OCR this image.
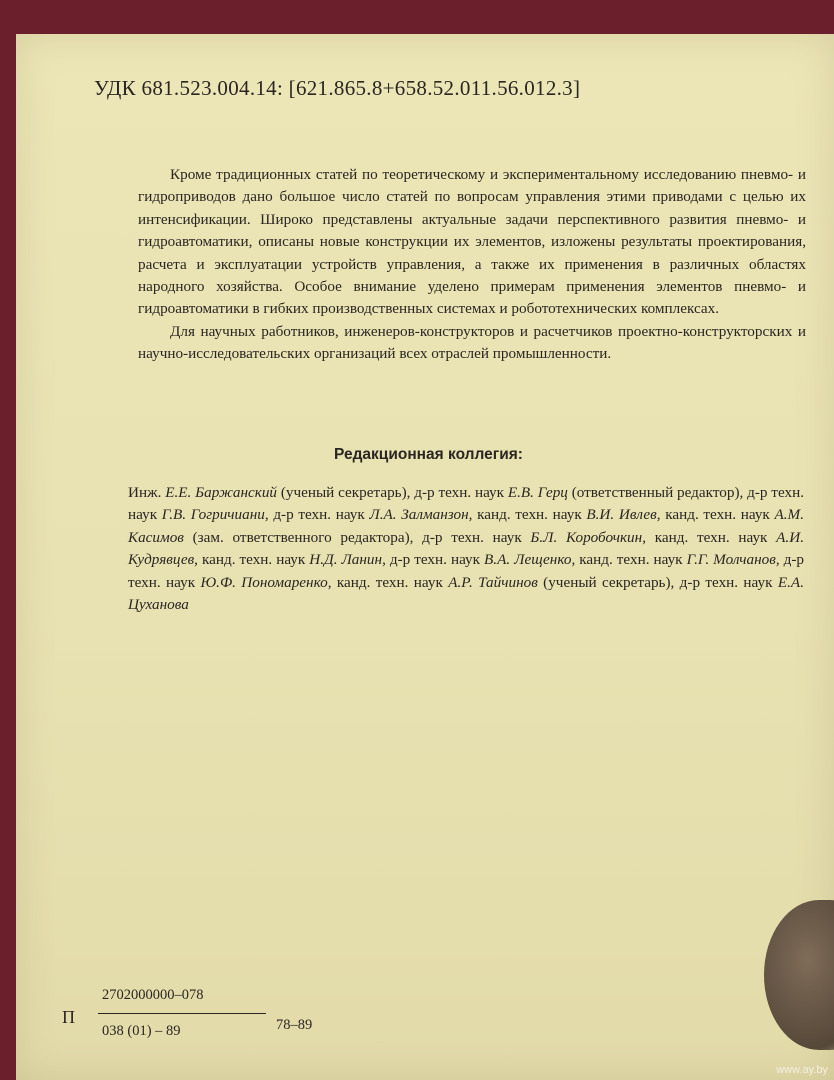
УДК 681.523.004.14: [621.865.8+658.52.011.56.012.3]

Кроме традиционных статей по теоретическому и экспериментальному исследованию пневмо- и гидроприводов дано большое число статей по вопросам управления этими приводами с целью их интенсификации. Широко представлены актуальные задачи перспективного развития пневмо- и гидроавтоматики, описаны новые конструкции их элементов, изложены результаты проектирования, расчета и эксплуатации устройств управления, а также их применения в различных областях народного хозяйства. Особое внимание уделено примерам применения элементов пневмо- и гидроавтоматики в гибких производственных системах и робототехнических комплексах.

Для научных работников, инженеров-конструкторов и расчетчиков проектно-конструкторских и научно-исследовательских организаций всех отраслей промышленности.

Редакционная коллегия:
Инж. Е.Е. Баржанский (ученый секретарь), д-р техн. наук Е.В. Герц (ответственный редактор), д-р техн. наук Г.В. Гогричиани, д-р техн. наук Л.А. Залманзон, канд. техн. наук В.И. Ивлев, канд. техн. наук А.М. Касимов (зам. ответственного редактора), д-р техн. наук Б.Л. Коробочкин, канд. техн. наук А.И. Кудрявцев, канд. техн. наук Н.Д. Ланин, д-р техн. наук В.А. Лещенко, канд. техн. наук Г.Г. Молчанов, д-р техн. наук Ю.Ф. Пономаренко, канд. техн. наук А.Р. Тайчинов (ученый секретарь), д-р техн. наук Е.А. Цуханова
П
2702000000–078
038 (01) – 89	78–89
www.ay.by
